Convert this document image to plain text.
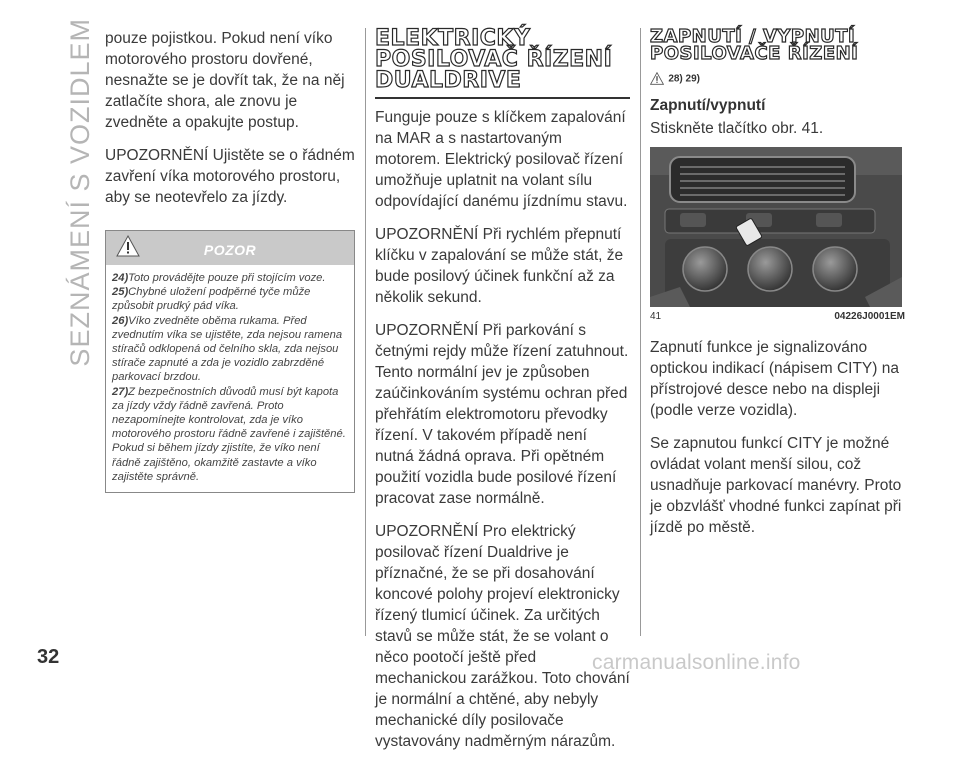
SEZNÁMENÍ S VOZIDLEM
32

pouze pojistkou. Pokud není víko motorového prostoru dovřené, nesnažte se je dovřít tak, že na něj zatlačíte shora, ale znovu je zvedněte a opakujte postup.

UPOZORNĚNÍ Ujistěte se o řádném zavření víka motorového prostoru, aby se neotevřelo za jízdy.

POZOR
24)Toto provádějte pouze při stojícím voze.
25)Chybné uložení podpěrné tyče může způsobit prudký pád víka.
26)Víko zvedněte oběma rukama. Před zvednutím víka se ujistěte, zda nejsou ramena stíračů odklopená od čelního skla, zda nejsou stírače zapnuté a zda je vozidlo zabrzděné parkovací brzdou.
27)Z bezpečnostních důvodů musí být kapota za jízdy vždy řádně zavřená. Proto nezapomínejte kontrolovat, zda je víko motorového prostoru řádně zavřené i zajištěné. Pokud si během jízdy zjistíte, že víko není řádně zajištěno, okamžitě zastavte a víko zajistěte správně.
ELEKTRICKÝ
POSILOVAČ ŘÍZENÍ
DUALDRIVE

Funguje pouze s klíčkem zapalování na MAR a s nastartovaným motorem. Elektrický posilovač řízení umožňuje uplatnit na volant sílu odpovídající danému jízdnímu stavu.

UPOZORNĚNÍ Při rychlém přepnutí klíčku v zapalování se může stát, že bude posilový účinek funkční až za několik sekund.

UPOZORNĚNÍ Při parkování s četnými rejdy může řízení zatuhnout. Tento normální jev je způsoben zaúčinkováním systému ochran před přehřátím elektromotoru převodky řízení. V takovém případě není nutná žádná oprava. Při opětném použití vozidla bude posilové řízení pracovat zase normálně.

UPOZORNĚNÍ Pro elektrický posilovač řízení Dualdrive je příznačné, že se při dosahování koncové polohy projeví elektronicky řízený tlumicí účinek. Za určitých stavů se může stát, že se volant o něco pootočí ještě před mechanickou zarážkou. Toto chování je normální a chtěné, aby nebyly mechanické díly posilovače vystavovány nadměrným nárazům.

ZAPNUTÍ / VYPNUTÍ
POSILOVAČE ŘÍZENÍ
28) 29)
Zapnutí/vypnutí

Stiskněte tlačítko obr. 41.

41	04226J0001EM

Zapnutí funkce je signalizováno optickou indikací (nápisem CITY) na přístrojové desce nebo na displeji (podle verze vozidla).

Se zapnutou funkcí CITY je možné ovládat volant menší silou, což usnadňuje parkovací manévry. Proto je obzvlášť vhodné funkci zapínat při jízdě po městě.

carmanualsonline.info
